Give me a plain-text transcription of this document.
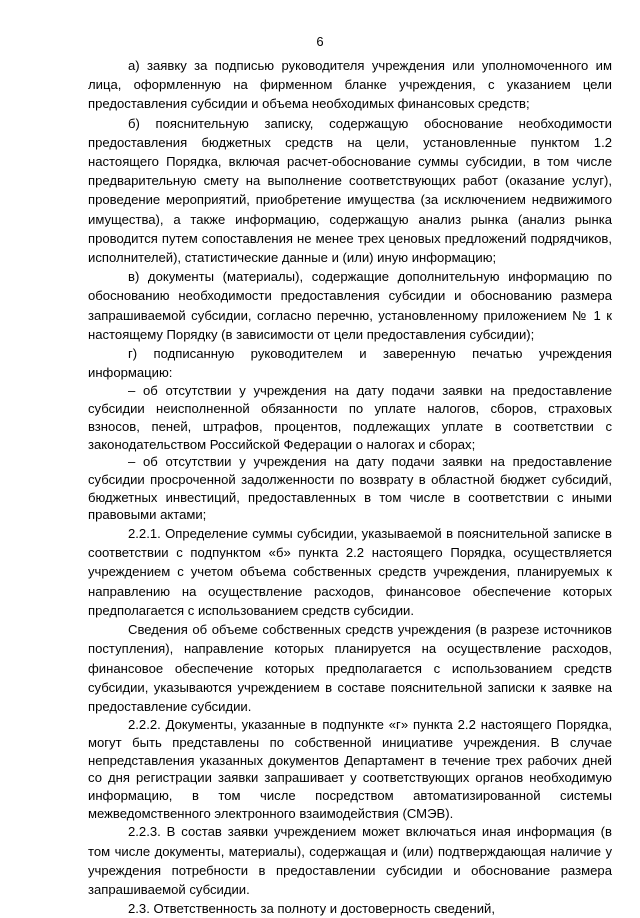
6

а) заявку за подписью руководителя учреждения или уполномоченного им лица, оформленную на фирменном бланке учреждения, с указанием цели предоставления субсидии и объема необходимых финансовых средств;

б) пояснительную записку, содержащую обоснование необходимости предоставления бюджетных средств на цели, установленные пунктом 1.2 настоящего Порядка, включая расчет-обоснование суммы субсидии, в том числе предварительную смету на выполнение соответствующих работ (оказание услуг), проведение мероприятий, приобретение имущества (за исключением недвижимого имущества), а также информацию, содержащую анализ рынка (анализ рынка проводится путем сопоставления не менее трех ценовых предложений подрядчиков, исполнителей), статистические данные и (или) иную информацию;

в) документы (материалы), содержащие дополнительную информацию по обоснованию необходимости предоставления субсидии и обоснованию размера запрашиваемой субсидии, согласно перечню, установленному приложением № 1 к настоящему Порядку (в зависимости от цели предоставления субсидии);

г) подписанную руководителем и заверенную печатью учреждения информацию:

– об отсутствии у учреждения на дату подачи заявки на предоставление субсидии неисполненной обязанности по уплате налогов, сборов, страховых взносов, пеней, штрафов, процентов, подлежащих уплате в соответствии с законодательством Российской Федерации о налогах и сборах;

– об отсутствии у учреждения на дату подачи заявки на предоставление субсидии просроченной задолженности по возврату в областной бюджет субсидий, бюджетных инвестиций, предоставленных в том числе в соответствии с иными правовыми актами;

2.2.1. Определение суммы субсидии, указываемой в пояснительной записке в соответствии с подпунктом «б» пункта 2.2 настоящего Порядка, осуществляется учреждением с учетом объема собственных средств учреждения, планируемых к направлению на осуществление расходов, финансовое обеспечение которых предполагается с использованием средств субсидии.

Сведения об объеме собственных средств учреждения (в разрезе источников поступления), направление которых планируется на осуществление расходов, финансовое обеспечение которых предполагается с использованием средств субсидии, указываются учреждением в составе пояснительной записки к заявке на предоставление субсидии.

2.2.2. Документы, указанные в подпункте «г» пункта 2.2 настоящего Порядка, могут быть представлены по собственной инициативе учреждения. В случае непредставления указанных документов Департамент в течение трех рабочих дней со дня регистрации заявки запрашивает у соответствующих органов необходимую информацию, в том числе посредством автоматизированной системы межведомственного электронного взаимодействия (СМЭВ).

2.2.3. В состав заявки учреждением может включаться иная информация (в том числе документы, материалы), содержащая и (или) подтверждающая наличие у учреждения потребности в предоставлении субсидии и обоснование размера запрашиваемой субсидии.

2.3. Ответственность за полноту и достоверность сведений,
